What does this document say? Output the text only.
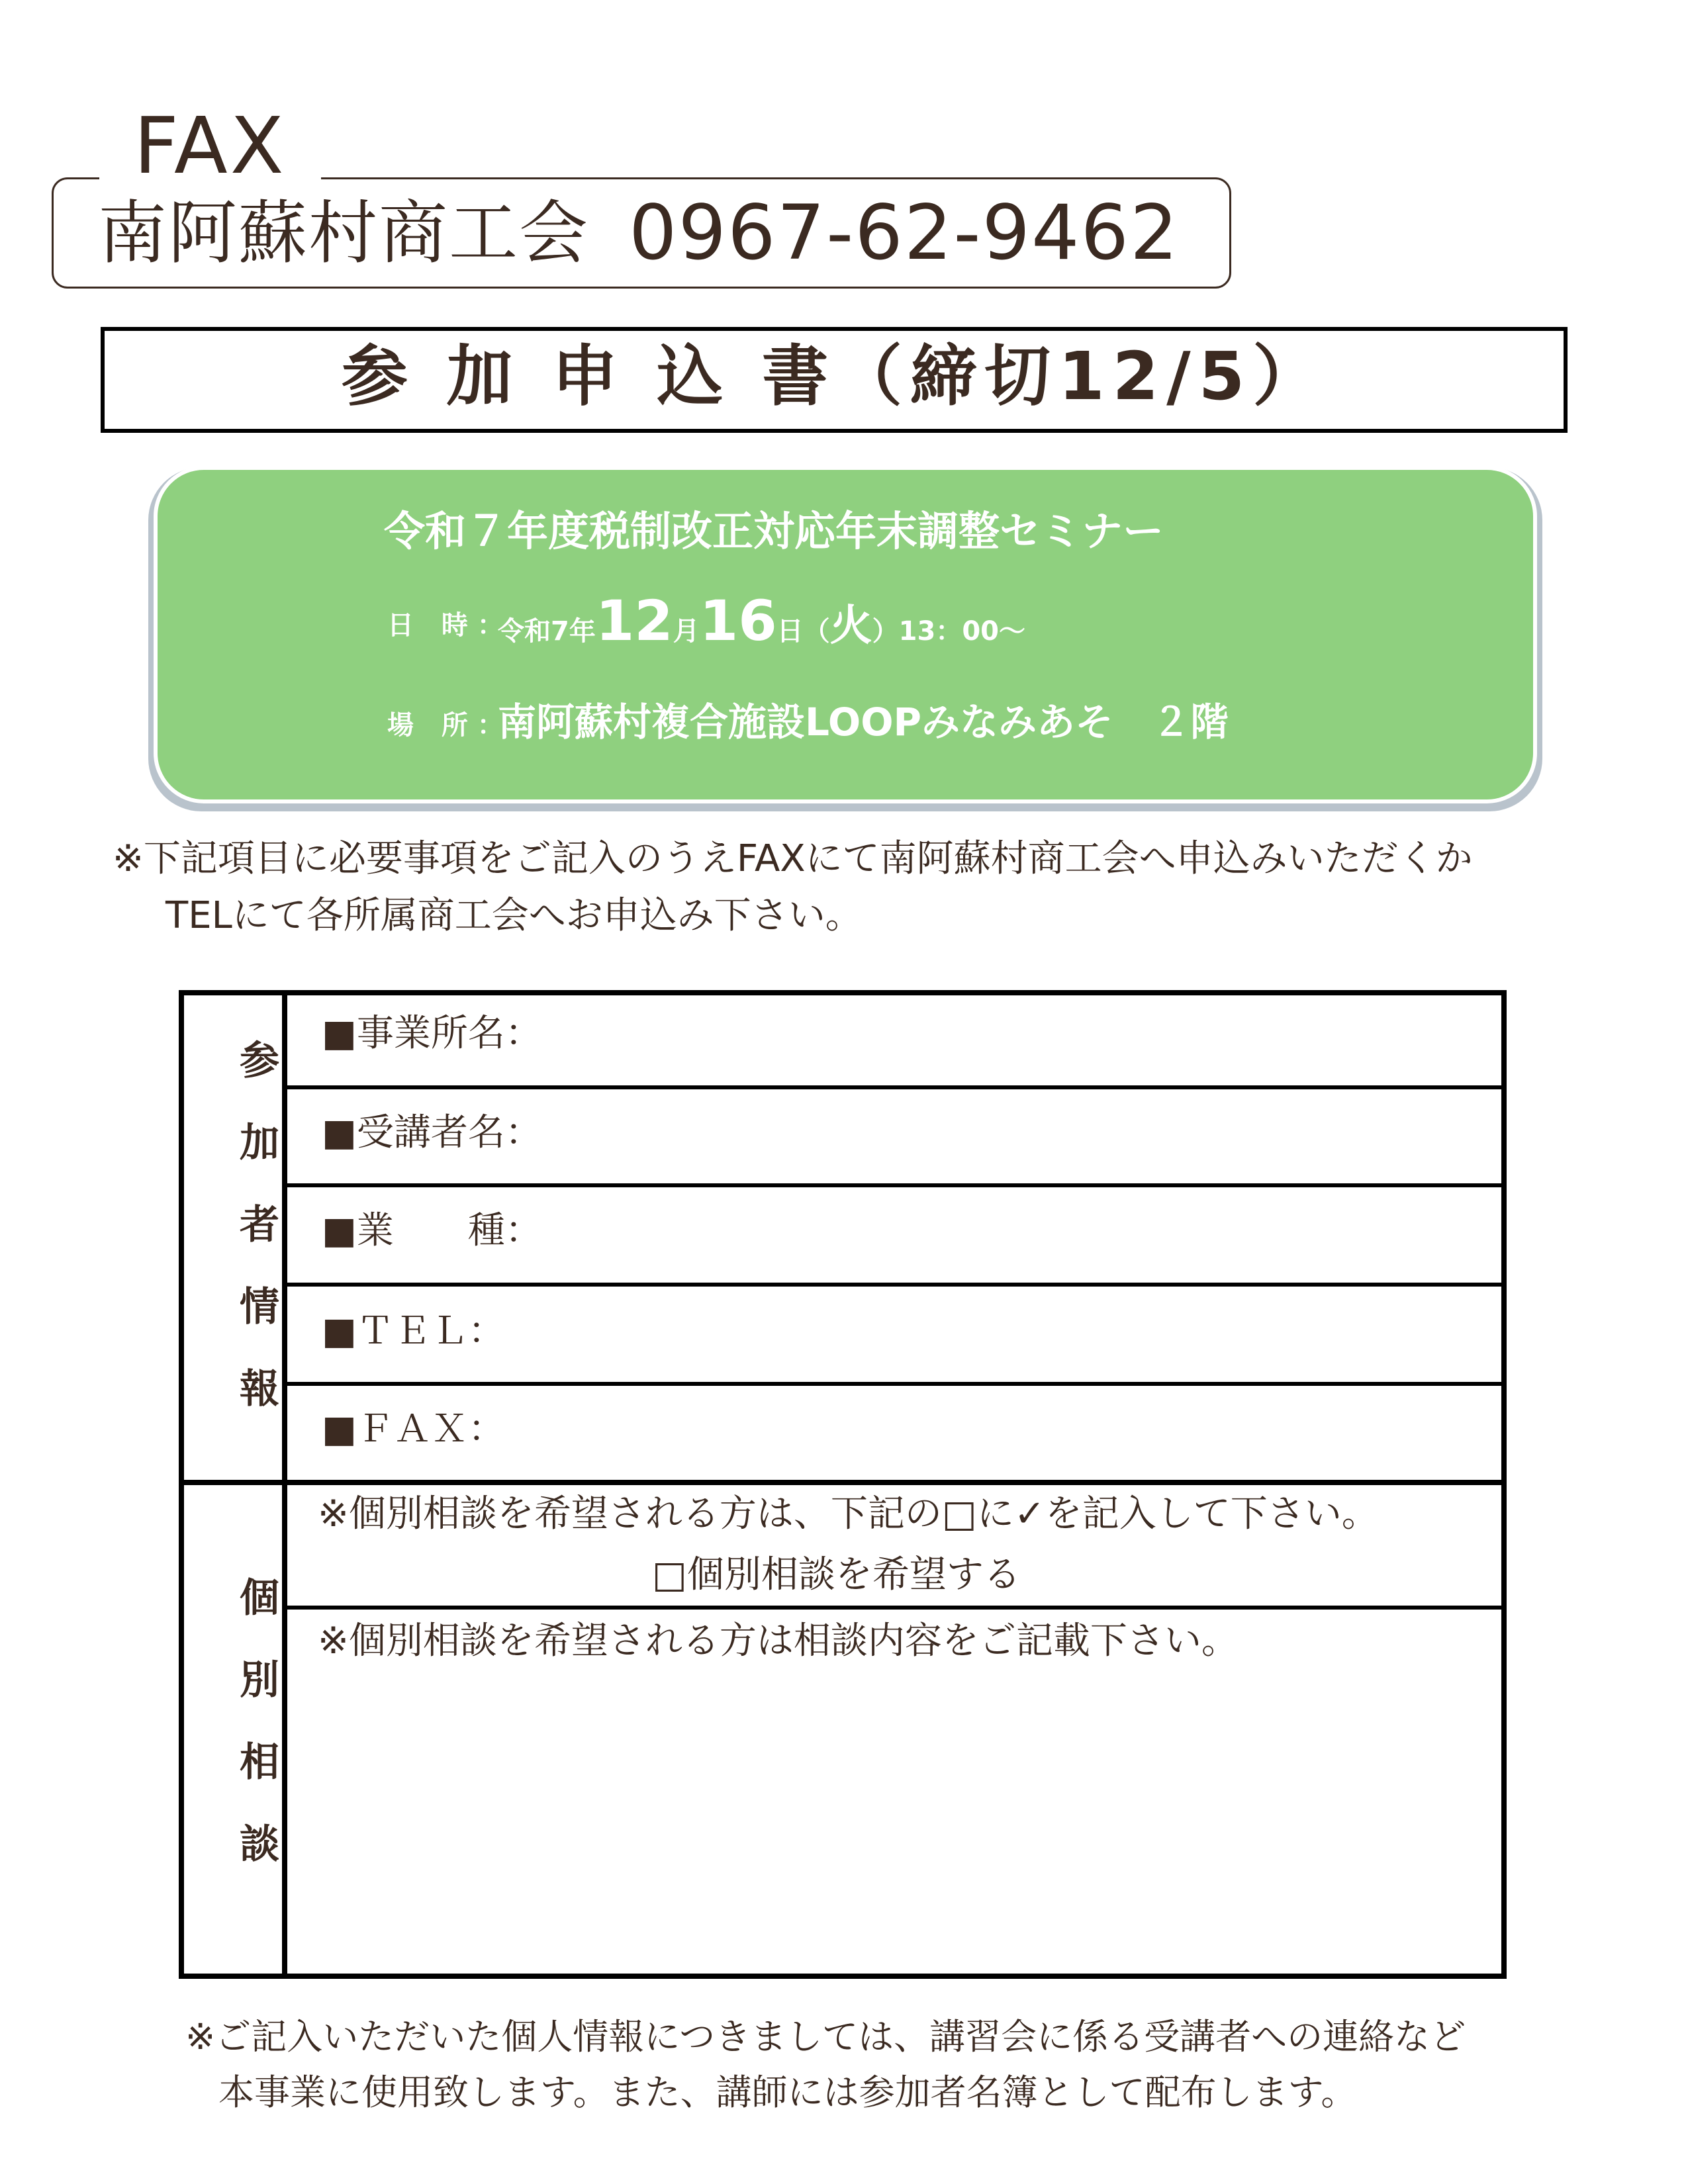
FAX
南阿蘇村商工会 0967-62-9462
参 加 申 込 書（締切12/5）
令和７年度税制改正対応年末調整セミナー
日 時：
令和7年12月16日（火）13：00～
場 所：
南阿蘇村複合施設LOOPみなみあそ　２階
※下記項目に必要事項をご記入のうえFAXにて南阿蘇村商工会へ申込みいただくか
TELにて各所属商工会へお申込み下さい。
参加者情報
個別相談
■事業所名：
■受講者名：
■業　　種：
■ＴＥＬ：
■ＦＡＸ：
※個別相談を希望される方は、下記の□に✓を記入して下さい。
□個別相談を希望する
※個別相談を希望される方は相談内容をご記載下さい。
※ご記入いただいた個人情報につきましては、講習会に係る受講者への連絡など
本事業に使用致します。また、講師には参加者名簿として配布します。
